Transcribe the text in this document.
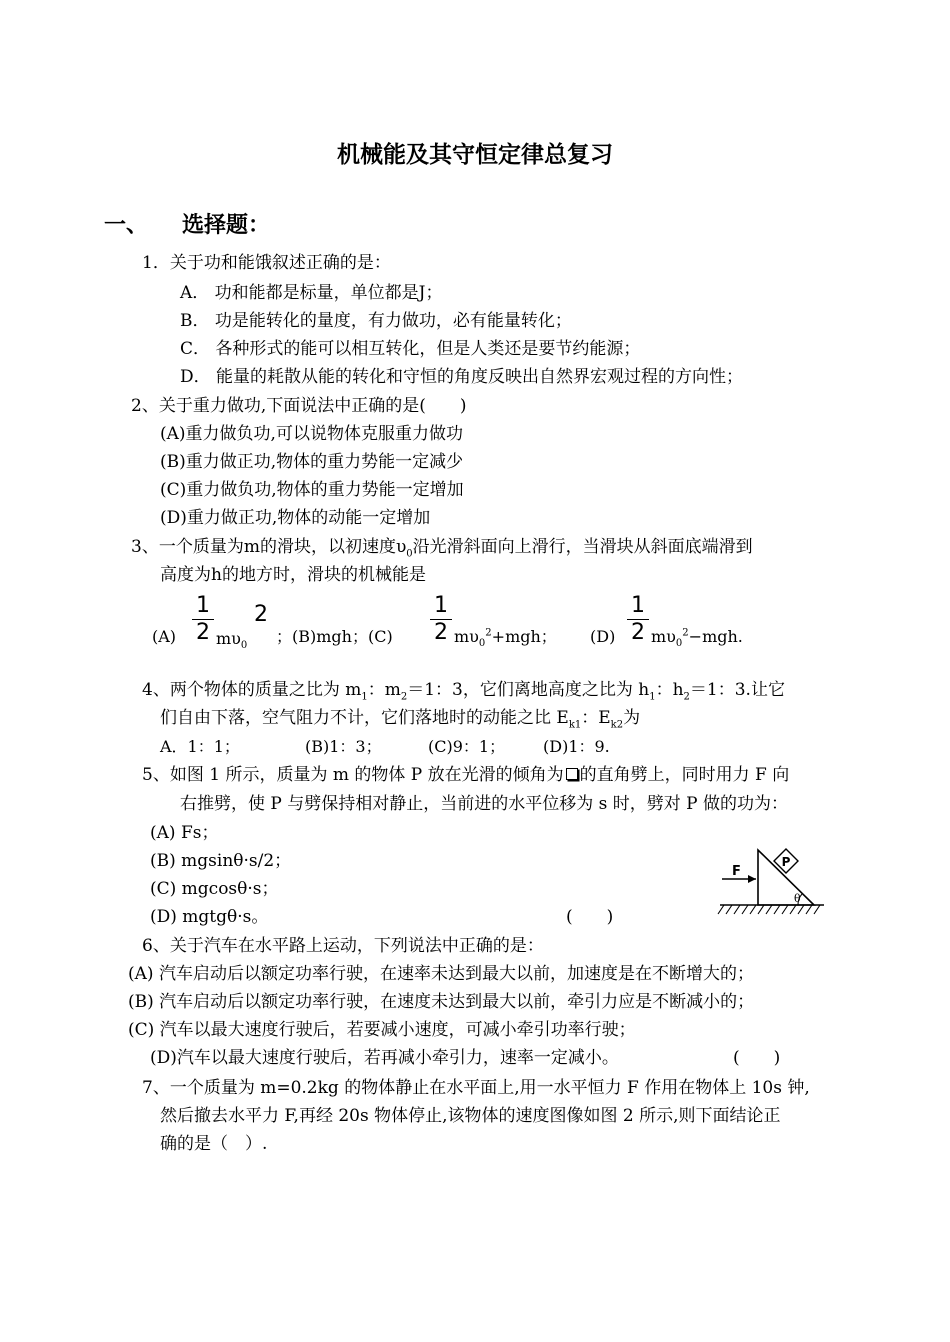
机械能及其守恒定律总复习
一、 选择题：
1．关于功和能饿叙述正确的是：
A． 功和能都是标量，单位都是J；
B． 功是能转化的量度，有力做功，必有能量转化；
C． 各种形式的能可以相互转化，但是人类还是要节约能源；
D． 能量的耗散从能的转化和守恒的角度反映出自然界宏观过程的方向性；
2、关于重力做功,下面说法中正确的是(　　)
(A)重力做负功,可以说物体克服重力做功
(B)重力做正功,物体的重力势能一定减少
(C)重力做负功,物体的重力势能一定增加
(D)重力做正功,物体的动能一定增加
3、一个质量为m的滑块，以初速度$\upsilon_0$沿光滑斜面向上滑行，当滑块从斜面底端滑到
高度为h的地方时，滑块的机械能是
(A)
1
2 $m\upsilon_0$
2
；(B)mgh；(C)
1
2 $m\upsilon_0^2+mgh$； (D)
1
2 $m\upsilon_0^2-mgh$.
4、两个物体的质量之比为 $m_1$：$m_2=1$：3，它们离地高度之比为 $h_1$：$h_2=1$：3.让它
们自由下落，空气阻力不计，它们落地时的动能之比 $E_{k1}$：$E_{k2}$为
A．1：1；	(B)1：3；	(C)9：1； (D)1：9.
5、如图 1 所示，质量为 m 的物体 P 放在光滑的倾角为 的直角劈上，同时用力 F 向
右推劈，使 P 与劈保持相对静止，当前进的水平位移为 s 时，劈对 P 做的功为：
(A) Fs；
(B) mgsinθ·s/2；
(C) mgcosθ·s；
(D) mgtgθ·s。	(　　)
P
F
θ
6、关于汽车在水平路上运动，下列说法中正确的是：
(A) 汽车启动后以额定功率行驶，在速率未达到最大以前，加速度是在不断增大的；
(B) 汽车启动后以额定功率行驶，在速度未达到最大以前，牵引力应是不断减小的；
(C) 汽车以最大速度行驶后，若要减小速度，可减小牵引功率行驶；
(D)汽车以最大速度行驶后，若再减小牵引力，速率一定减小。	(　　)
7、一个质量为 m=0.2kg 的物体静止在水平面上,用一水平恒力 F 作用在物体上 10s 钟,
然后撤去水平力 F,再经 20s 物体停止,该物体的速度图像如图 2 所示,则下面结论正
确的是（　）.
